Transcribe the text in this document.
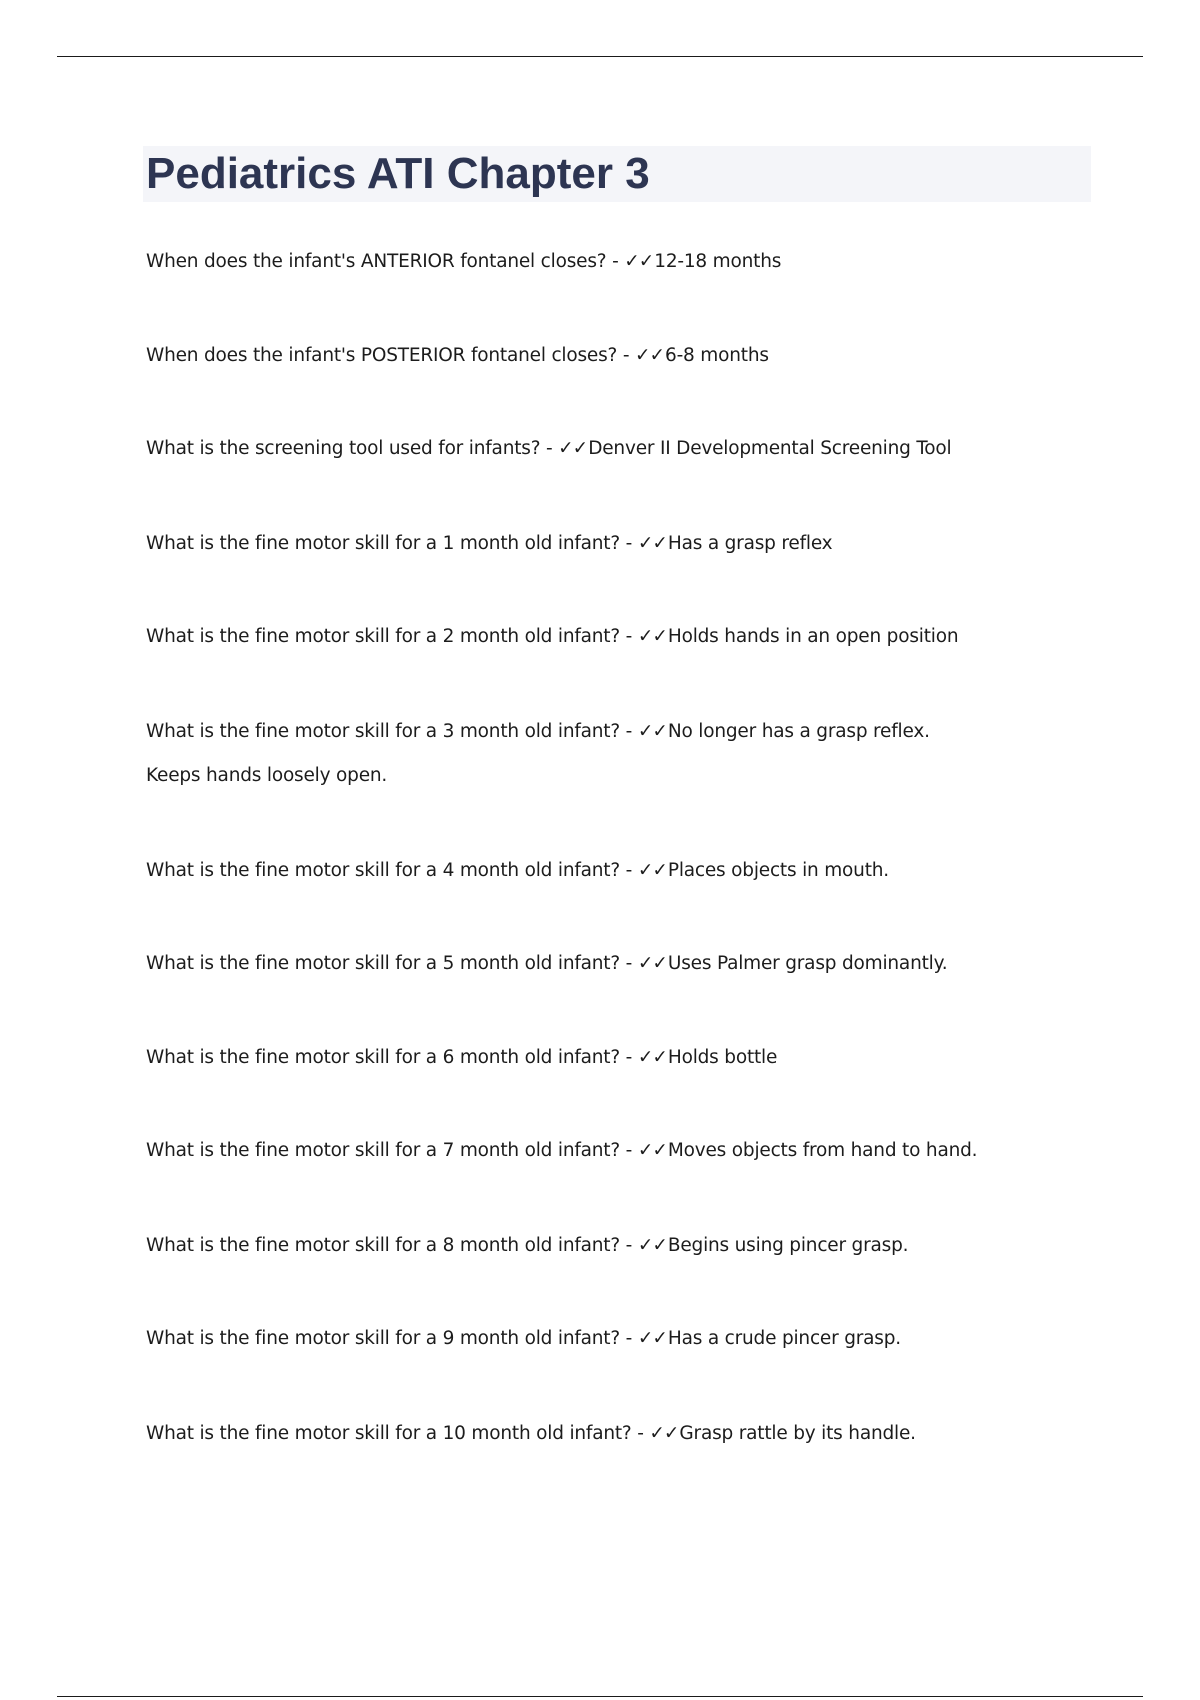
Pediatrics ATI Chapter 3

When does the infant's ANTERIOR fontanel closes? - ✓✓12-18 months

When does the infant's POSTERIOR fontanel closes? - ✓✓6-8 months

What is the screening tool used for infants? - ✓✓Denver II Developmental Screening Tool

What is the fine motor skill for a 1 month old infant? - ✓✓Has a grasp reflex

What is the fine motor skill for a 2 month old infant? - ✓✓Holds hands in an open position

What is the fine motor skill for a 3 month old infant? - ✓✓No longer has a grasp reflex.
Keeps hands loosely open.

What is the fine motor skill for a 4 month old infant? - ✓✓Places objects in mouth.

What is the fine motor skill for a 5 month old infant? - ✓✓Uses Palmer grasp dominantly.

What is the fine motor skill for a 6 month old infant? - ✓✓Holds bottle

What is the fine motor skill for a 7 month old infant? - ✓✓Moves objects from hand to hand.

What is the fine motor skill for a 8 month old infant? - ✓✓Begins using pincer grasp.

What is the fine motor skill for a 9 month old infant? - ✓✓Has a crude pincer grasp.

What is the fine motor skill for a 10 month old infant? - ✓✓Grasp rattle by its handle.
